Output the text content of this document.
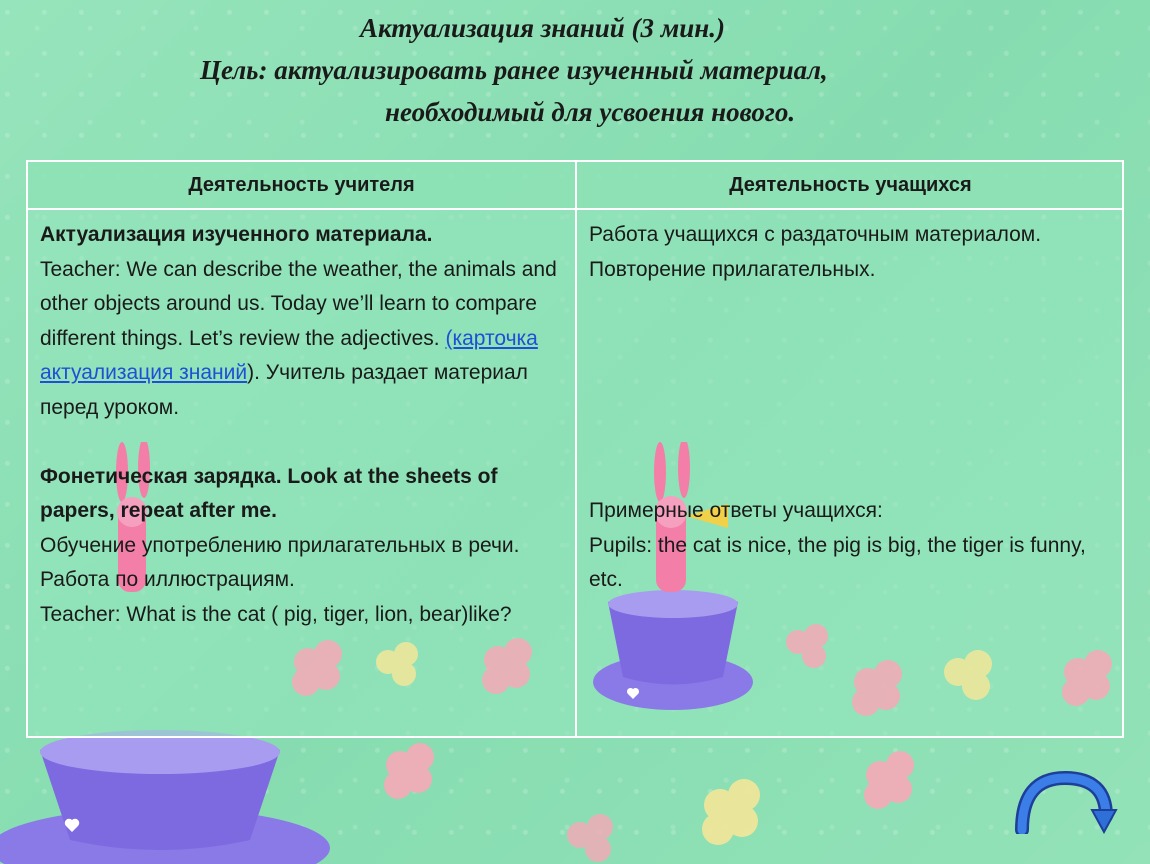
Актуализация знаний (3 мин.)
Цель: актуализировать ранее изученный материал,
необходимый для усвоения нового.
Деятельность учителя	Деятельность учащихся
Актуализация изученного материала.
Teacher: We can describe the weather, the animals and other objects around us. Today we’ll learn to compare different things. Let’s review the adjectives. (карточка актуализация знаний). Учитель раздает материал перед уроком.
Фонетическая зарядка. Look at the sheets of papers, repeat after me.
Обучение употреблению прилагательных в речи. Работа по иллюстрациям.
Teacher: What is the cat ( pig, tiger, lion, bear)like?
Работа учащихся с раздаточным материалом. Повторение прилагательных.
Примерные ответы учащихся:
Pupils: the cat is nice, the pig is big, the tiger is funny, etc.
